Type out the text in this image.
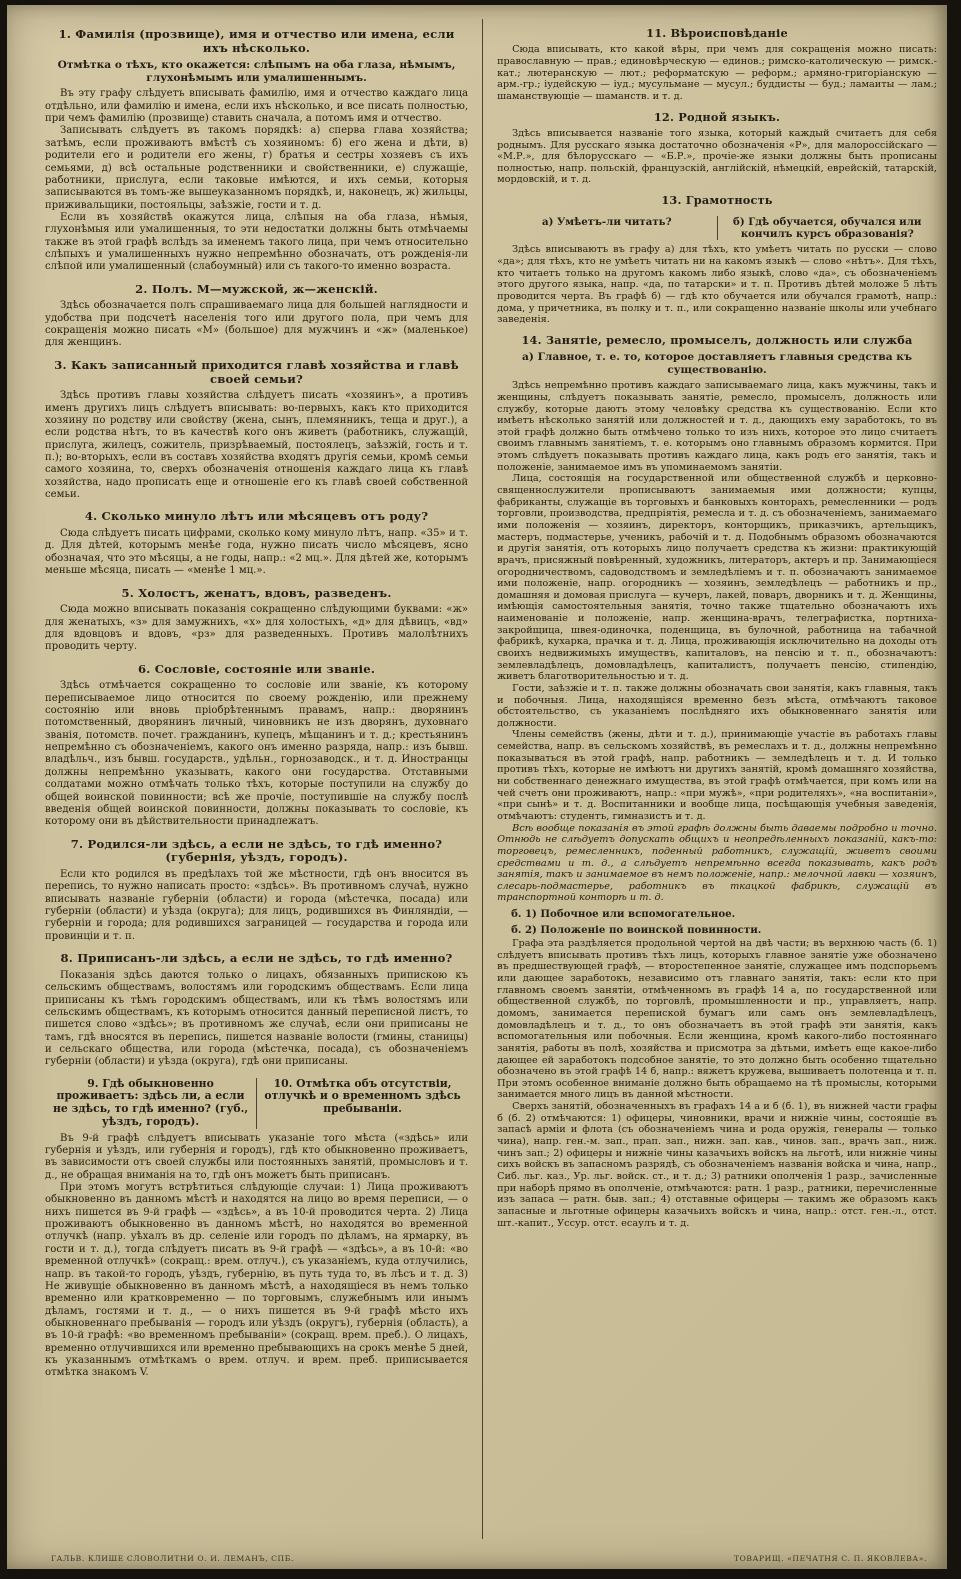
1. Фамилія (прозвище), имя и отчество или имена, если ихъ нѣсколько.
Отмѣтка о тѣхъ, кто окажется: слѣпымъ на оба глаза, нѣмымъ, глухонѣмымъ или умалишеннымъ.
Въ эту графу слѣдуетъ вписывать фамилію, имя и отчество каждаго лица отдѣльно, или фамилію и имена, если ихъ нѣсколько, и все писать полностью, при чемъ фамилію (прозвище) ставить сначала, а потомъ имя и отчество.
Записывать слѣдуетъ въ такомъ порядкѣ: а) сперва глава хозяйства; затѣмъ, если проживаютъ вмѣстѣ съ хозяиномъ: б) его жена и дѣти, в) родители его и родители его жены, г) братья и сестры хозяевъ съ ихъ семьями, д) всѣ остальные родственники и свойственники, е) служащіе, работники, прислуга, если таковые имѣются, и ихъ семьи, которыя записываются въ томъ-же вышеуказанномъ порядкѣ, и, наконецъ, ж) жильцы, приживальщики, постояльцы, заѣзжіе, гости и т. д.
Если въ хозяйствѣ окажутся лица, слѣпыя на оба глаза, нѣмыя, глухонѣмыя или умалишенныя, то эти недостатки должны быть отмѣчаемы также въ этой графѣ вслѣдъ за именемъ такого лица, при чемъ относительно слѣпыхъ и умалишенныхъ нужно непремѣнно обозначать, отъ рожденія-ли слѣпой или умалишенный (слабоумный) или съ такого-то именно возраста.
2. Полъ. М—мужской, ж—женскій.
Здѣсь обозначается полъ спрашиваемаго лица для большей наглядности и удобства при подсчетѣ населенія того или другого пола, при чемъ для сокращенія можно писать «М» (большое) для мужчинъ и «ж» (маленькое) для женщинъ.
3. Какъ записанный приходится главѣ хозяйства и главѣ своей семьи?
Здѣсь противъ главы хозяйства слѣдуетъ писать «хозяинъ», а противъ именъ другихъ лицъ слѣдуетъ вписывать: во-первыхъ, какъ кто приходится хозяину по родству или свойству (жена, сынъ, племянникъ, теща и друг.), а если родства нѣтъ, то въ качествѣ кого онъ живетъ (работникъ, служащій, прислуга, жилецъ, сожитель, призрѣваемый, постоялецъ, заѣзжій, гость и т. п.); во-вторыхъ, если въ составъ хозяйства входятъ другія семьи, кромѣ семьи самого хозяина, то, сверхъ обозначенія отношенія каждаго лица къ главѣ хозяйства, надо прописать еще и отношеніе его къ главѣ своей собственной семьи.
4. Сколько минуло лѣтъ или мѣсяцевъ отъ роду?
Сюда слѣдуетъ писать цифрами, сколько кому минуло лѣтъ, напр. «35» и т. д. Для дѣтей, которымъ менѣе года, нужно писать число мѣсяцевъ, ясно обозначая, что это мѣсяцы, а не годы, напр.: «2 мц.». Для дѣтей же, которымъ меньше мѣсяца, писать — «менѣе 1 мц.».
5. Холостъ, женатъ, вдовъ, разведенъ.
Сюда можно вписывать показанія сокращенно слѣдующими буквами: «ж» для женатыхъ, «з» для замужнихъ, «х» для холостыхъ, «д» для дѣвицъ, «вд» для вдовцовъ и вдовъ, «рз» для разведенныхъ. Противъ малолѣтнихъ проводить черту.
6. Сословіе, состояніе или званіе.
Здѣсь отмѣчается сокращенно то сословіе или званіе, къ которому переписываемое лицо относится по своему рожденію, или прежнему состоянію или вновь пріобрѣтеннымъ правамъ, напр.: дворянинъ потомственный, дворянинъ личный, чиновникъ не изъ дворянъ, духовнаго званія, потомств. почет. гражданинъ, купецъ, мѣщанинъ и т. д.; крестьянинъ непремѣнно съ обозначеніемъ, какого онъ именно разряда, напр.: изъ бывш. владѣльч., изъ бывш. государств., удѣльн., горнозаводск., и т. д. Иностранцы должны непремѣнно указывать, какого они государства. Отставными солдатами можно отмѣчать только тѣхъ, которые поступили на службу до общей воинской повинности; всѣ же прочіе, поступившіе на службу послѣ введенія общей воинской повинности, должны показывать то сословіе, къ которому они въ дѣйствительности принадлежатъ.
7. Родился-ли здѣсь, а если не здѣсь, то гдѣ именно? (губернія, уѣздъ, городъ).
Если кто родился въ предѣлахъ той же мѣстности, гдѣ онъ вносится въ перепись, то нужно написать просто: «здѣсь». Въ противномъ случаѣ, нужно вписывать названіе губерніи (области) и города (мѣстечка, посада) или губерніи (области) и уѣзда (округа); для лицъ, родившихся въ Финляндіи, — губерніи и города; для родившихся заграницей — государства и города или провинціи и т. п.
8. Приписанъ-ли здѣсь, а если не здѣсь, то гдѣ именно?
Показанія здѣсь даются только о лицахъ, обязанныхъ припискою къ сельскимъ обществамъ, волостямъ или городскимъ обществамъ. Если лица приписаны къ тѣмъ городскимъ обществамъ, или къ тѣмъ волостямъ или сельскимъ обществамъ, къ которымъ относится данный переписной листъ, то пишется слово «здѣсь»; въ противномъ же случаѣ, если они приписаны не тамъ, гдѣ вносятся въ перепись, пишется названіе волости (гмины, станицы) и сельскаго общества, или города (мѣстечка, посада), съ обозначеніемъ губерніи (области) и уѣзда (округа), гдѣ они приписаны.
9. Гдѣ обыкновенно проживаетъ: здѣсь ли, а если не здѣсь, то гдѣ именно? (губ., уѣздъ, городъ).
10. Отмѣтка объ отсутствіи, отлучкѣ и о временномъ здѣсь пребываніи.
Въ 9-й графѣ слѣдуетъ вписывать указаніе того мѣста («здѣсь» или губернія и уѣздъ, или губернія и городъ), гдѣ кто обыкновенно проживаетъ, въ зависимости отъ своей службы или постоянныхъ занятій, промысловъ и т. д., не обращая вниманія на то, гдѣ онъ можетъ быть приписанъ.
При этомъ могутъ встрѣтиться слѣдующіе случаи: 1) Лица проживаютъ обыкновенно въ данномъ мѣстѣ и находятся на лицо во время переписи, — о нихъ пишется въ 9-й графѣ — «здѣсь», а въ 10-й проводится черта. 2) Лица проживаютъ обыкновенно въ данномъ мѣстѣ, но находятся во временной отлучкѣ (напр. уѣхалъ въ др. селеніе или городъ по дѣламъ, на ярмарку, въ гости и т. д.), тогда слѣдуетъ писать въ 9-й графѣ — «здѣсь», а въ 10-й: «во временной отлучкѣ» (сокращ.: врем. отлуч.), съ указаніемъ, куда отлучились, напр. въ такой-то городъ, уѣздъ, губернію, въ путь туда то, въ лѣсъ и т. д. 3) Не живущіе обыкновенно въ данномъ мѣстѣ, а находящіеся въ немъ только временно или кратковременно — по торговымъ, служебнымъ или инымъ дѣламъ, гостями и т. д., — о нихъ пишется въ 9-й графѣ мѣсто ихъ обыкновеннаго пребыванія — городъ или уѣздъ (округъ), губернія (область), а въ 10-й графѣ: «во временномъ пребываніи» (сокращ. врем. преб.). О лицахъ, временно отлучившихся или временно пребывающихъ на срокъ менѣе 5 дней, къ указаннымъ отмѣткамъ о врем. отлуч. и врем. преб. приписывается отмѣтка знакомъ V.
11. Вѣроисповѣданіе
Сюда вписывать, кто какой вѣры, при чемъ для сокращенія можно писать: православную — прав.; единовѣрческую — единов.; римско-католическую — римск.-кат.; лютеранскую — лют.; реформатскую — реформ.; армяно-григоріанскую — арм.-гр.; іудейскую — іуд.; мусульмане — мусул.; буддисты — буд.; ламаиты — лам.; шаманствующіе — шаманств. и т. д.
12. Родной языкъ.
Здѣсь вписывается названіе того языка, который каждый считаетъ для себя роднымъ. Для русскаго языка достаточно обозначенія «Р», для малороссійскаго — «М.Р.», для бѣлорусскаго — «Б.Р.», прочіе-же языки должны быть прописаны полностью, напр. польскій, французскій, англійскій, нѣмецкій, еврейскій, татарскій, мордовскій, и т. д.
13. Грамотность
а) Умѣетъ-ли читать?	б) Гдѣ обучается, обучался или кончилъ курсъ образованія?
Здѣсь вписываютъ въ графу а) для тѣхъ, кто умѣетъ читать по русски — слово «да»; для тѣхъ, кто не умѣетъ читать ни на какомъ языкѣ — слово «нѣтъ». Для тѣхъ, кто читаетъ только на другомъ какомъ либо языкѣ, слово «да», съ обозначеніемъ этого другого языка, напр. «да, по татарски» и т. п. Противъ дѣтей моложе 5 лѣтъ проводится черта. Въ графѣ б) — гдѣ кто обучается или обучался грамотѣ, напр.: дома, у причетника, въ полку и т. п., или сокращенно названіе школы или учебнаго заведенія.
14. Занятіе, ремесло, промыселъ, должность или служба
а) Главное, т. е. то, которое доставляетъ главныя средства къ существованію.
Здѣсь непремѣнно противъ каждаго записываемаго лица, какъ мужчины, такъ и женщины, слѣдуетъ показывать занятіе, ремесло, промыселъ, должность или службу, которые даютъ этому человѣку средства къ существованію. Если кто имѣетъ нѣсколько занятій или должностей и т. д., дающихъ ему заработокъ, то въ этой графѣ должно быть отмѣчено только то изъ нихъ, которое это лицо считаетъ своимъ главнымъ занятіемъ, т. е. которымъ оно главнымъ образомъ кормится. При этомъ слѣдуетъ показывать противъ каждаго лица, какъ родъ его занятія, такъ и положеніе, занимаемое имъ въ упоминаемомъ занятіи.
Лица, состоящія на государственной или общественной службѣ и церковно-священнослужители прописываютъ занимаемыя ими должности; купцы, фабриканты, служащіе въ торговыхъ и банковыхъ конторахъ, ремесленники — родъ торговли, производства, предпріятія, ремесла и т. д. съ обозначеніемъ, занимаемаго ими положенія — хозяинъ, директоръ, конторщикъ, приказчикъ, артельщикъ, мастеръ, подмастерье, ученикъ, рабочій и т. д. Подобнымъ образомъ обозначаются и другія занятія, отъ которыхъ лицо получаетъ средства къ жизни: практикующій врачъ, присяжный повѣренный, художникъ, литераторъ, актеръ и пр. Занимающіеся огородничествомъ, садоводствомъ и земледѣліемъ и т. п. обозначаютъ занимаемое ими положеніе, напр. огородникъ — хозяинъ, земледѣлецъ — работникъ и пр., домашняя и домовая прислуга — кучеръ, лакей, поваръ, дворникъ и т. д. Женщины, имѣющія самостоятельныя занятія, точно также тщательно обозначаютъ ихъ наименованіе и положеніе, напр. женщина-врачъ, телеграфистка, портниха-закройщица, швея-одиночка, поденщица, въ булочной, работница на табачной фабрикѣ, кухарка, прачка и т. д. Лица, проживающія исключительно на доходы отъ своихъ недвижимыхъ имуществъ, капиталовъ, на пенсію и т. п., обозначаютъ: землевладѣлецъ, домовладѣлецъ, капиталистъ, получаетъ пенсію, стипендію, живетъ благотворительностью и т. д.
Гости, заѣзжіе и т. п. также должны обозначать свои занятія, какъ главныя, такъ и побочныя. Лица, находящіяся временно безъ мѣста, отмѣчаютъ таковое обстоятельство, съ указаніемъ послѣдняго ихъ обыкновеннаго занятія или должности.
Члены семействъ (жены, дѣти и т. д.), принимающіе участіе въ работахъ главы семейства, напр. въ сельскомъ хозяйствѣ, въ ремеслахъ и т. д., должны непремѣнно показываться въ этой графѣ, напр. работникъ — земледѣлецъ и т. д. И только противъ тѣхъ, которые не имѣютъ ни другихъ занятій, кромѣ домашняго хозяйства, ни собственнаго денежнаго имущества, въ этой графѣ отмѣчается, при комъ или на чей счетъ они проживаютъ, напр.: «при мужѣ», «при родителяхъ», «на воспитаніи», «при сынѣ» и т. д. Воспитанники и вообще лица, посѣщающія учебныя заведенія, отмѣчаютъ: студентъ, гимназистъ и т. д.
Всѣ вообще показанія въ этой графѣ должны быть даваемы подробно и точно. Отнюдь не слѣдуетъ допускать общихъ и неопредѣленныхъ показаній, какъ-то: торговецъ, ремесленникъ, поденный работникъ, служащій, живетъ своими средствами и т. д., а слѣдуетъ непремѣнно всегда показывать, какъ родъ занятія, такъ и занимаемое въ немъ положеніе, напр.: мелочной лавки — хозяинъ, слесарь-подмастерье, работникъ въ ткацкой фабрикѣ, служащій въ транспортной конторѣ и т. д.
б. 1) Побочное или вспомогательное.
б. 2) Положеніе по воинской повинности.
Графа эта раздѣляется продольной чертой на двѣ части; въ верхнюю часть (б. 1) слѣдуетъ вписывать противъ тѣхъ лицъ, которыхъ главное занятіе уже обозначено въ предшествующей графѣ, — второстепенное занятіе, служащее имъ подспорьемъ или дающее заработокъ, независимо отъ главнаго занятія, такъ: если кто при главномъ своемъ занятіи, отмѣченномъ въ графѣ 14 а, по государственной или общественной службѣ, по торговлѣ, промышленности и пр., управляетъ, напр. домомъ, занимается перепиской бумагъ или самъ онъ землевладѣлецъ, домовладѣлецъ и т. д., то онъ обозначаетъ въ этой графѣ эти занятія, какъ вспомогательныя или побочныя. Если женщина, кромѣ какого-либо постояннаго занятія, работы въ полѣ, хозяйства и присмотра за дѣтьми, имѣетъ еще какое-либо дающее ей заработокъ подсобное занятіе, то это должно быть особенно тщательно обозначено въ этой графѣ 14 б, напр.: вяжетъ кружева, вышиваетъ полотенца и т. п. При этомъ особенное вниманіе должно быть обращаемо на тѣ промыслы, которыми занимается много лицъ въ данной мѣстности.
Сверхъ занятій, обозначенныхъ въ графахъ 14 а и б (б. 1), въ нижней части графы б (б. 2) отмѣчаются: 1) офицеры, чиновники, врачи и нижніе чины, состоящіе въ запасѣ арміи и флота (съ обозначеніемъ чина и рода оружія, генералы — только чина), напр. ген.-м. зап., прап. зап., нижн. зап. кав., чинов. зап., врачъ зап., ниж. чинъ зап.; 2) офицеры и нижніе чины казачьихъ войскъ на льготѣ, или нижніе чины сихъ войскъ въ запасномъ разрядѣ, съ обозначеніемъ названія войска и чина, напр., Сиб. льг. каз., Ур. льг. войск. ст., и т. д.; 3) ратники ополченія 1 разр., зачисленные при наборѣ прямо въ ополченіе, отмѣчаются: ратн. 1 разр., ратники, перечисленные изъ запаса — ратн. быв. зап.; 4) отставные офицеры — такимъ же образомъ какъ запасные и льготные офицеры казачьихъ войскъ и чина, напр.: отст. ген.-л., отст. шт.-капит., Уссур. отст. есаулъ и т. д.
ГАЛЬВ. КЛИШЕ СЛОВОЛИТНИ О. И. ЛЕМАНЪ, СПБ.	ТОВАРИЩ. «ПЕЧАТНЯ С. П. ЯКОВЛЕВА».
